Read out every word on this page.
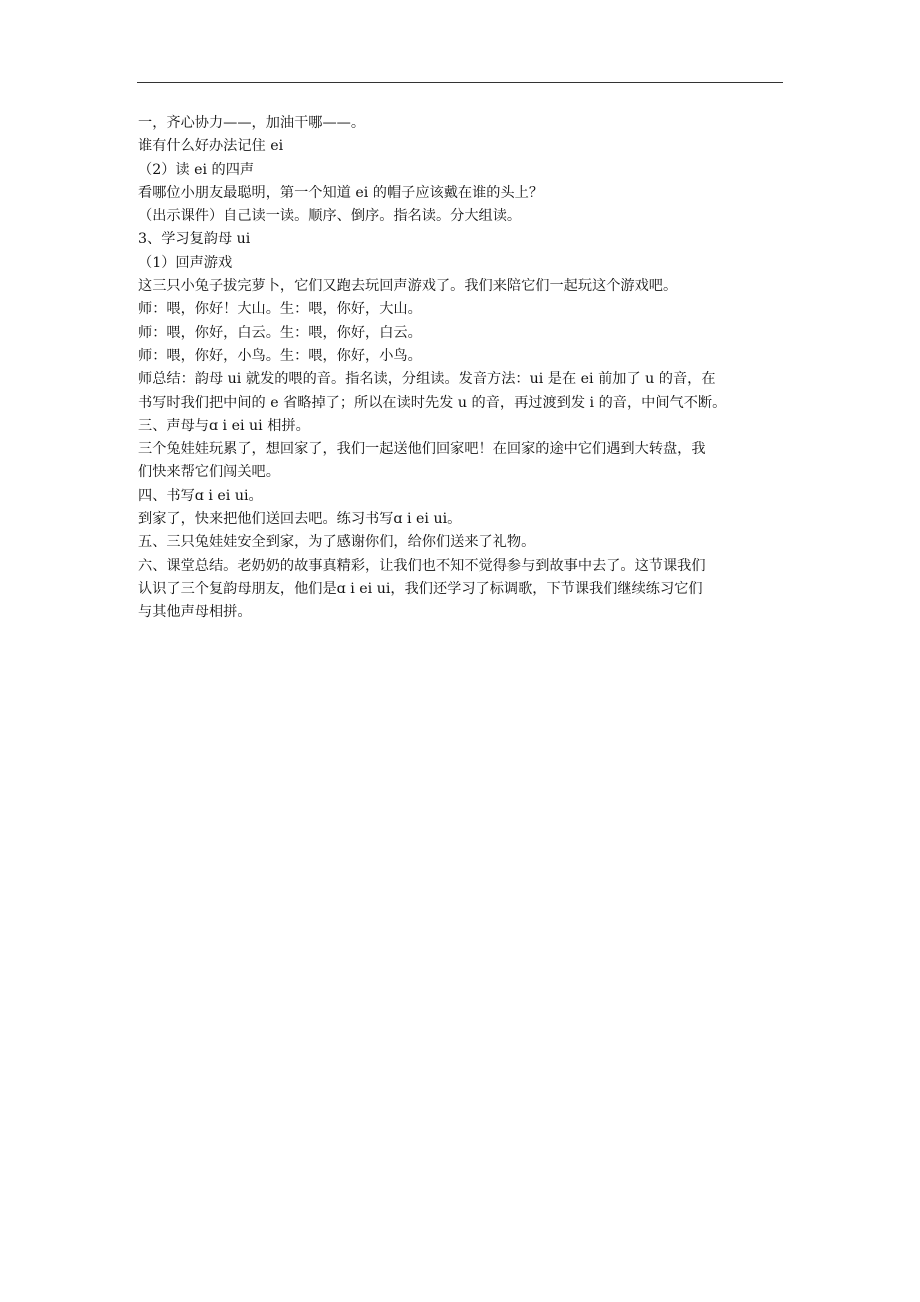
一，齐心协力——，加油干哪——。
谁有什么好办法记住 ei
（2）读 ei 的四声
看哪位小朋友最聪明，第一个知道 ei 的帽子应该戴在谁的头上？
（出示课件）自己读一读。顺序、倒序。指名读。分大组读。
3、学习复韵母 ui
（1）回声游戏
这三只小兔子拔完萝卜，它们又跑去玩回声游戏了。我们来陪它们一起玩这个游戏吧。
师：喂，你好！大山。生：喂，你好，大山。
师：喂，你好，白云。生：喂，你好，白云。
师：喂，你好，小鸟。生：喂，你好，小鸟。
师总结：韵母 ui 就发的喂的音。指名读，分组读。发音方法：ui 是在 ei 前加了 u 的音，在
书写时我们把中间的 e 省略掉了；所以在读时先发 u 的音，再过渡到发 i 的音，中间气不断。
三、声母与ɑ i ei ui 相拼。
三个兔娃娃玩累了，想回家了，我们一起送他们回家吧！在回家的途中它们遇到大转盘，我
们快来帮它们闯关吧。
四、书写ɑ i ei ui。
到家了，快来把他们送回去吧。练习书写ɑ i ei ui。
五、三只兔娃娃安全到家，为了感谢你们，给你们送来了礼物。
六、课堂总结。老奶奶的故事真精彩，让我们也不知不觉得参与到故事中去了。这节课我们
认识了三个复韵母朋友，他们是ɑ i ei ui，我们还学习了标调歌，下节课我们继续练习它们
与其他声母相拼。
